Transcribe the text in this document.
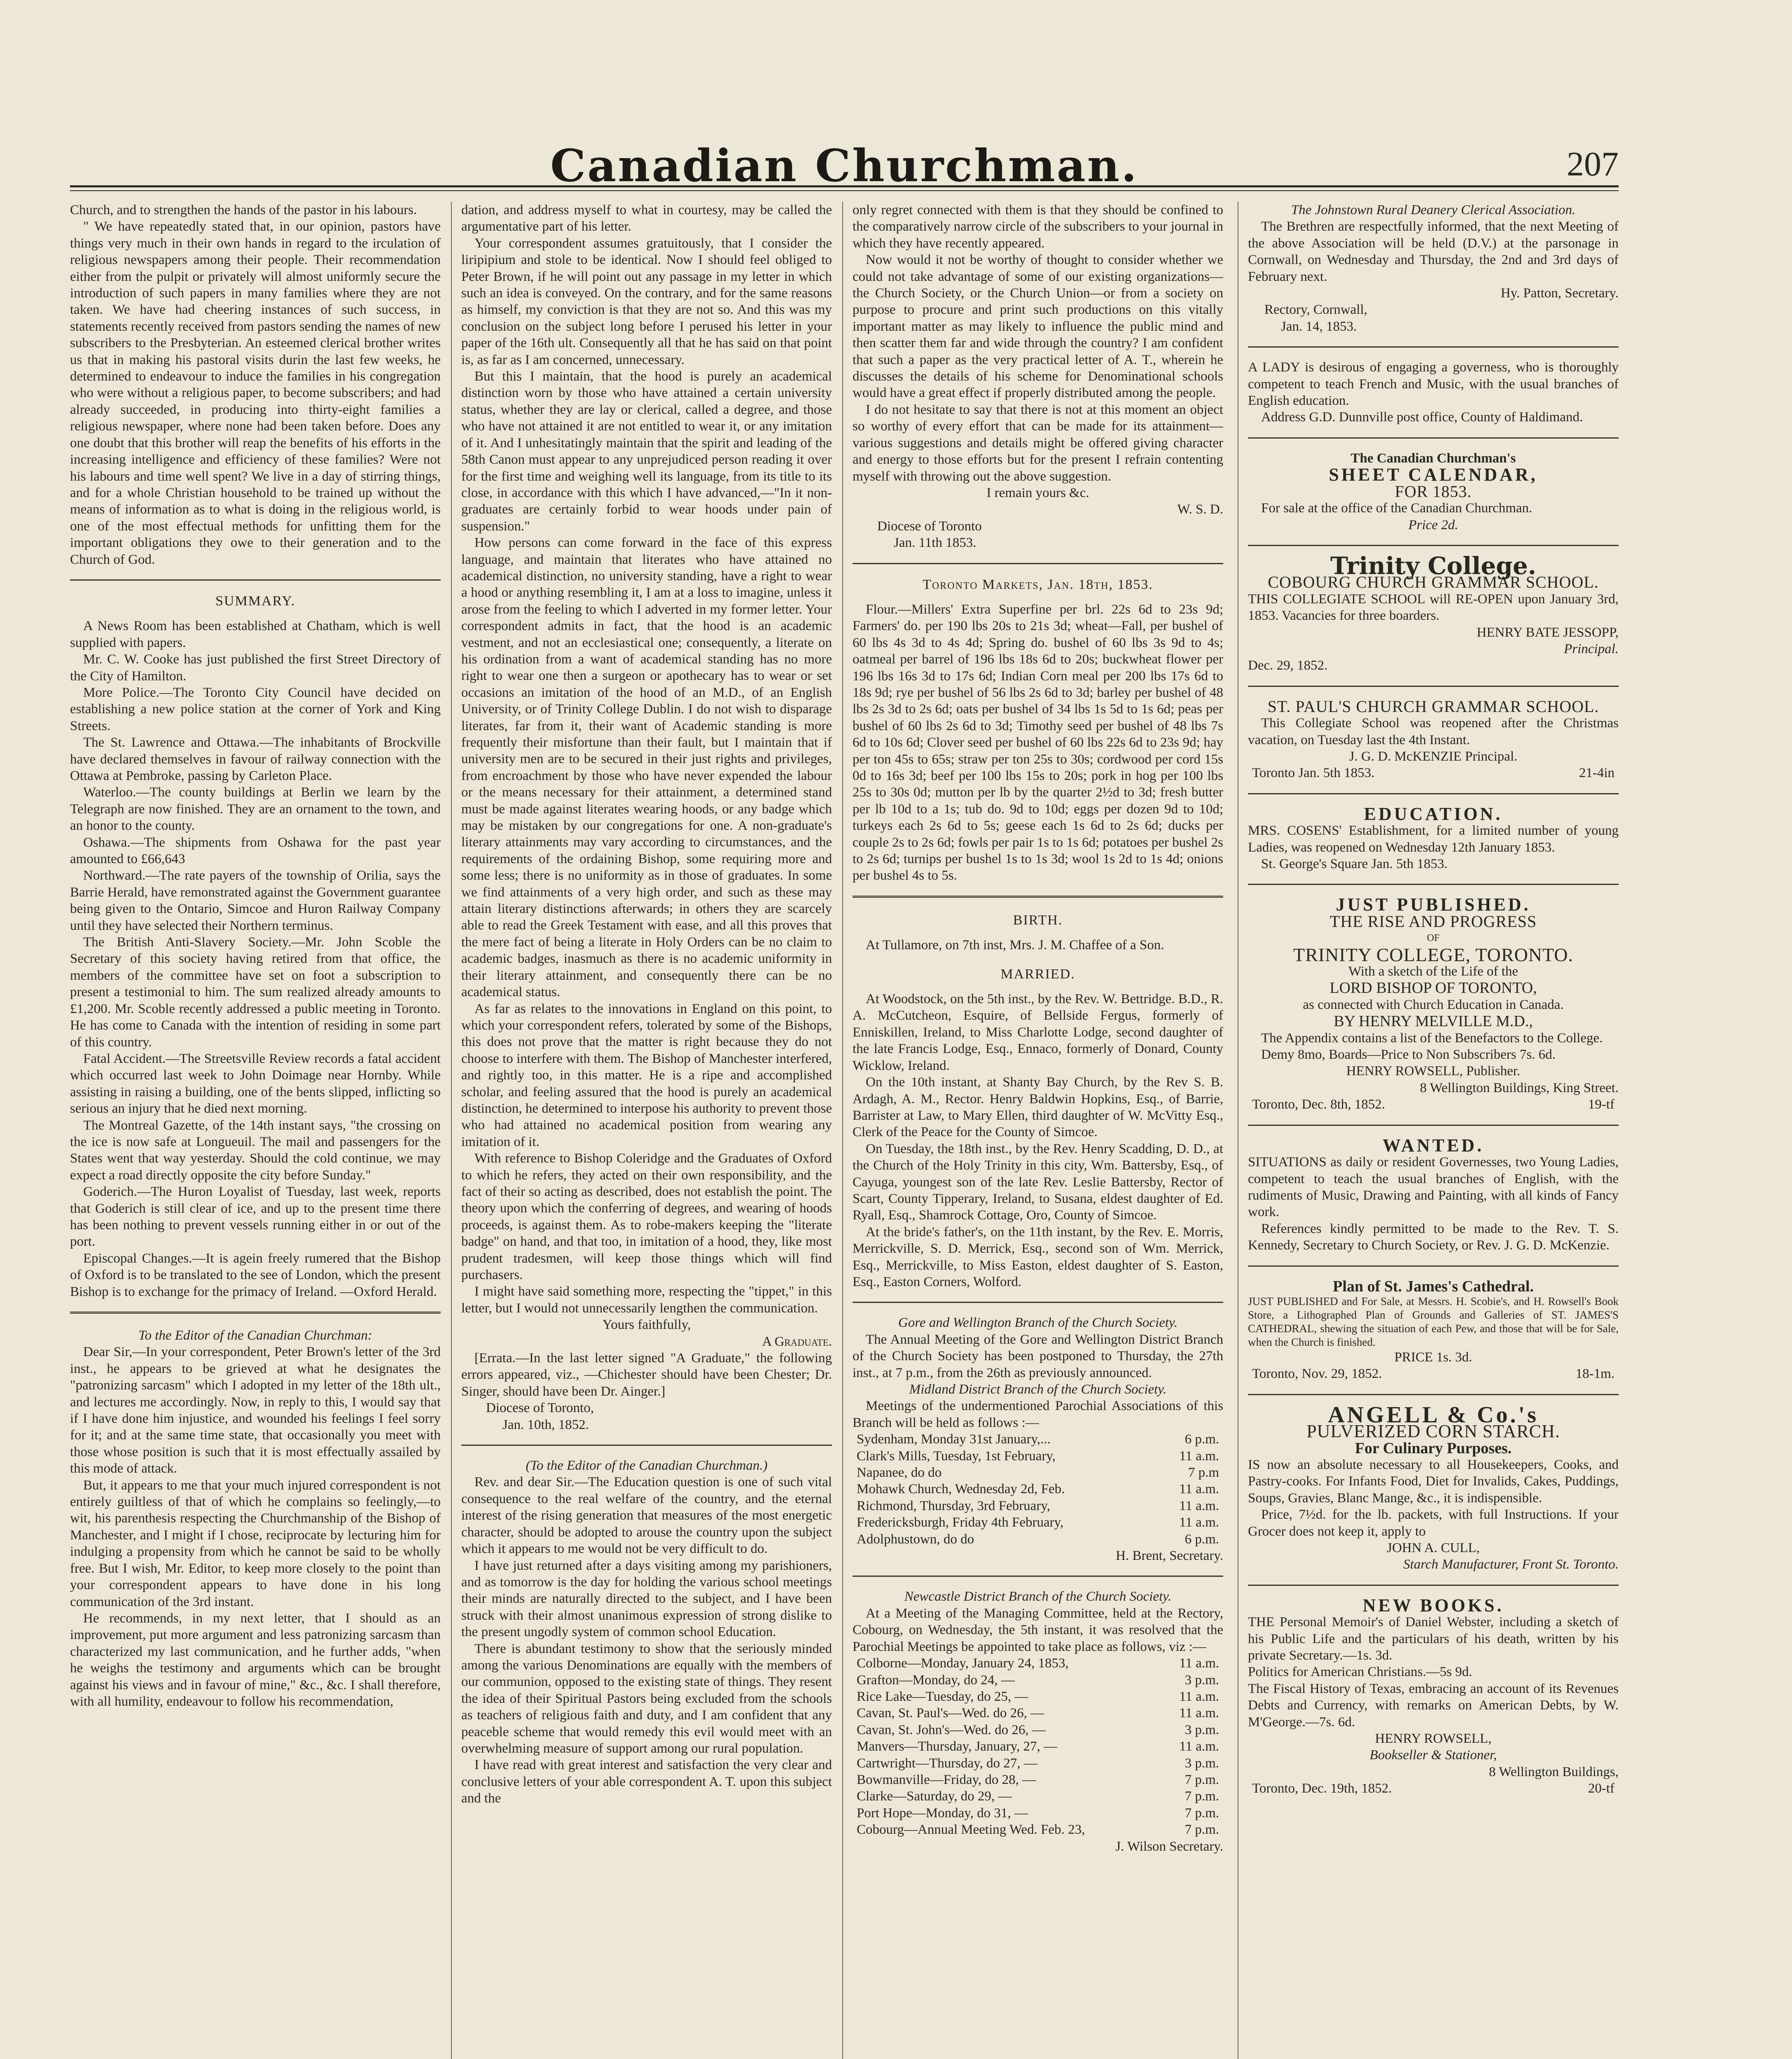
Canadian Churchman.	207

Church, and to strengthen the hands of the pastor in his labours.

" We have repeatedly stated that, in our opinion, pastors have things very much in their own hands in regard to the irculation of religious newspapers among their people. Their recommendation either from the pulpit or privately will almost uniformly secure the introduction of such papers in many families where they are not taken. We have had cheering instances of such success, in statements recently received from pastors sending the names of new subscribers to the Presbyterian. An esteemed clerical brother writes us that in making his pastoral visits durin the last few weeks, he determined to endeavour to induce the families in his congregation who were without a religious paper, to become subscribers; and had already succeeded, in producing into thirty-eight families a religious newspaper, where none had been taken before. Does any one doubt that this brother will reap the benefits of his efforts in the increasing intelligence and efficiency of these families? Were not his labours and time well spent? We live in a day of stirring things, and for a whole Christian household to be trained up without the means of information as to what is doing in the religious world, is one of the most effectual methods for unfitting them for the important obligations they owe to their generation and to the Church of God.

SUMMARY.

A News Room has been established at Chatham, which is well supplied with papers.

Mr. C. W. Cooke has just published the first Street Directory of the City of Hamilton.

More Police.—The Toronto City Council have decided on establishing a new police station at the corner of York and King Streets.

The St. Lawrence and Ottawa.—The inhabitants of Brockville have declared themselves in favour of railway connection with the Ottawa at Pembroke, passing by Carleton Place.

Waterloo.—The county buildings at Berlin we learn by the Telegraph are now finished. They are an ornament to the town, and an honor to the county.

Oshawa.—The shipments from Oshawa for the past year amounted to £66,643

Northward.—The rate payers of the township of Orilia, says the Barrie Herald, have remonstrated against the Government guarantee being given to the Ontario, Simcoe and Huron Railway Company until they have selected their Northern terminus.

The British Anti-Slavery Society.—Mr. John Scoble the Secretary of this society having retired from that office, the members of the committee have set on foot a subscription to present a testimonial to him. The sum realized already amounts to £1,200. Mr. Scoble recently addressed a public meeting in Toronto. He has come to Canada with the intention of residing in some part of this country.

Fatal Accident.—The Streetsville Review records a fatal accident which occurred last week to John Doimage near Hornby. While assisting in raising a building, one of the bents slipped, inflicting so serious an injury that he died next morning.

The Montreal Gazette, of the 14th instant says, "the crossing on the ice is now safe at Longueuil. The mail and passengers for the States went that way yesterday. Should the cold continue, we may expect a road directly opposite the city before Sunday."

Goderich.—The Huron Loyalist of Tuesday, last week, reports that Goderich is still clear of ice, and up to the present time there has been nothing to prevent vessels running either in or out of the port.

Episcopal Changes.—It is agein freely rumered that the Bishop of Oxford is to be translated to the see of London, which the present Bishop is to exchange for the primacy of Ireland. —Oxford Herald.

To the Editor of the Canadian Churchman:

Dear Sir,—In your correspondent, Peter Brown's letter of the 3rd inst., he appears to be grieved at what he designates the "patronizing sarcasm" which I adopted in my letter of the 18th ult., and lectures me accordingly. Now, in reply to this, I would say that if I have done him injustice, and wounded his feelings I feel sorry for it; and at the same time state, that occasionally you meet with those whose position is such that it is most effectually assailed by this mode of attack.

But, it appears to me that your much injured correspondent is not entirely guiltless of that of which he complains so feelingly,—to wit, his parenthesis respecting the Churchmanship of the Bishop of Manchester, and I might if I chose, reciprocate by lecturing him for indulging a propensity from which he cannot be said to be wholly free. But I wish, Mr. Editor, to keep more closely to the point than your correspondent appears to have done in his long communication of the 3rd instant.

He recommends, in my next letter, that I should as an improvement, put more argument and less patronizing sarcasm than characterized my last communication, and he further adds, "when he weighs the testimony and arguments which can be brought against his views and in favour of mine," &c., &c. I shall therefore, with all humility, endeavour to follow his recommendation,

dation, and address myself to what in courtesy, may be called the argumentative part of his letter.

Your correspondent assumes gratuitously, that I consider the liripipium and stole to be identical. Now I should feel obliged to Peter Brown, if he will point out any passage in my letter in which such an idea is conveyed. On the contrary, and for the same reasons as himself, my conviction is that they are not so. And this was my conclusion on the subject long before I perused his letter in your paper of the 16th ult. Consequently all that he has said on that point is, as far as I am concerned, unnecessary.

But this I maintain, that the hood is purely an academical distinction worn by those who have attained a certain university status, whether they are lay or clerical, called a degree, and those who have not attained it are not entitled to wear it, or any imitation of it. And I unhesitatingly maintain that the spirit and leading of the 58th Canon must appear to any unprejudiced person reading it over for the first time and weighing well its language, from its title to its close, in accordance with this which I have advanced,—"In it non-graduates are certainly forbid to wear hoods under pain of suspension."

How persons can come forward in the face of this express language, and maintain that literates who have attained no academical distinction, no university standing, have a right to wear a hood or anything resembling it, I am at a loss to imagine, unless it arose from the feeling to which I adverted in my former letter. Your correspondent admits in fact, that the hood is an academic vestment, and not an ecclesiastical one; consequently, a literate on his ordination from a want of academical standing has no more right to wear one then a surgeon or apothecary has to wear or set occasions an imitation of the hood of an M.D., of an English University, or of Trinity College Dublin. I do not wish to disparage literates, far from it, their want of Academic standing is more frequently their misfortune than their fault, but I maintain that if university men are to be secured in their just rights and privileges, from encroachment by those who have never expended the labour or the means necessary for their attainment, a determined stand must be made against literates wearing hoods, or any badge which may be mistaken by our congregations for one. A non-graduate's literary attainments may vary according to circumstances, and the requirements of the ordaining Bishop, some requiring more and some less; there is no uniformity as in those of graduates. In some we find attainments of a very high order, and such as these may attain literary distinctions afterwards; in others they are scarcely able to read the Greek Testament with ease, and all this proves that the mere fact of being a literate in Holy Orders can be no claim to academic badges, inasmuch as there is no academic uniformity in their literary attainment, and consequently there can be no academical status.

As far as relates to the innovations in England on this point, to which your correspondent refers, tolerated by some of the Bishops, this does not prove that the matter is right because they do not choose to interfere with them. The Bishop of Manchester interfered, and rightly too, in this matter. He is a ripe and accomplished scholar, and feeling assured that the hood is purely an academical distinction, he determined to interpose his authority to prevent those who had attained no academical position from wearing any imitation of it.

With reference to Bishop Coleridge and the Graduates of Oxford to which he refers, they acted on their own responsibility, and the fact of their so acting as described, does not establish the point. The theory upon which the conferring of degrees, and wearing of hoods proceeds, is against them. As to robe-makers keeping the "literate badge" on hand, and that too, in imitation of a hood, they, like most prudent tradesmen, will keep those things which will find purchasers.

I might have said something more, respecting the "tippet," in this letter, but I would not unnecessarily lengthen the communication.

Yours faithfully,

A Graduate.

[Errata.—In the last letter signed "A Graduate," the following errors appeared, viz., —Chichester should have been Chester; Dr. Singer, should have been Dr. Ainger.]

Diocese of Toronto,

Jan. 10th, 1852.

(To the Editor of the Canadian Churchman.)

Rev. and dear Sir.—The Education question is one of such vital consequence to the real welfare of the country, and the eternal interest of the rising generation that measures of the most energetic character, should be adopted to arouse the country upon the subject which it appears to me would not be very difficult to do.

I have just returned after a days visiting among my parishioners, and as tomorrow is the day for holding the various school meetings their minds are naturally directed to the subject, and I have been struck with their almost unanimous expression of strong dislike to the present ungodly system of common school Education.

There is abundant testimony to show that the seriously minded among the various Denominations are equally with the members of our communion, opposed to the existing state of things. They resent the idea of their Spiritual Pastors being excluded from the schools as teachers of religious faith and duty, and I am confident that any peaceble scheme that would remedy this evil would meet with an overwhelming measure of support among our rural population.

I have read with great interest and satisfaction the very clear and conclusive letters of your able correspondent A. T. upon this subject and the

only regret connected with them is that they should be confined to the comparatively narrow circle of the subscribers to your journal in which they have recently appeared.

Now would it not be worthy of thought to consider whether we could not take advantage of some of our existing organizations—the Church Society, or the Church Union—or from a society on purpose to procure and print such productions on this vitally important matter as may likely to influence the public mind and then scatter them far and wide through the country? I am confident that such a paper as the very practical letter of A. T., wherein he discusses the details of his scheme for Denominational schools would have a great effect if properly distributed among the people.

I do not hesitate to say that there is not at this moment an object so worthy of every effort that can be made for its attainment—various suggestions and details might be offered giving character and energy to those efforts but for the present I refrain contenting myself with throwing out the above suggestion.

I remain yours &c.

W. S. D.

Diocese of Toronto

Jan. 11th 1853.

Toronto Markets, Jan. 18th, 1853.

Flour.—Millers' Extra Superfine per brl. 22s 6d to 23s 9d; Farmers' do. per 190 lbs 20s to 21s 3d; wheat—Fall, per bushel of 60 lbs 4s 3d to 4s 4d; Spring do. bushel of 60 lbs 3s 9d to 4s; oatmeal per barrel of 196 lbs 18s 6d to 20s; buckwheat flower per 196 lbs 16s 3d to 17s 6d; Indian Corn meal per 200 lbs 17s 6d to 18s 9d; rye per bushel of 56 lbs 2s 6d to 3d; barley per bushel of 48 lbs 2s 3d to 2s 6d; oats per bushel of 34 lbs 1s 5d to 1s 6d; peas per bushel of 60 lbs 2s 6d to 3d; Timothy seed per bushel of 48 lbs 7s 6d to 10s 6d; Clover seed per bushel of 60 lbs 22s 6d to 23s 9d; hay per ton 45s to 65s; straw per ton 25s to 30s; cordwood per cord 15s 0d to 16s 3d; beef per 100 lbs 15s to 20s; pork in hog per 100 lbs 25s to 30s 0d; mutton per lb by the quarter 2½d to 3d; fresh butter per lb 10d to a 1s; tub do. 9d to 10d; eggs per dozen 9d to 10d; turkeys each 2s 6d to 5s; geese each 1s 6d to 2s 6d; ducks per couple 2s to 2s 6d; fowls per pair 1s to 1s 6d; potatoes per bushel 2s to 2s 6d; turnips per bushel 1s to 1s 3d; wool 1s 2d to 1s 4d; onions per bushel 4s to 5s.

BIRTH.

At Tullamore, on 7th inst, Mrs. J. M. Chaffee of a Son.

MARRIED.

At Woodstock, on the 5th inst., by the Rev. W. Bettridge. B.D., R. A. McCutcheon, Esquire, of Bellside Fergus, formerly of Enniskillen, Ireland, to Miss Charlotte Lodge, second daughter of the late Francis Lodge, Esq., Ennaco, formerly of Donard, County Wicklow, Ireland.

On the 10th instant, at Shanty Bay Church, by the Rev S. B. Ardagh, A. M., Rector. Henry Baldwin Hopkins, Esq., of Barrie, Barrister at Law, to Mary Ellen, third daughter of W. McVitty Esq., Clerk of the Peace for the County of Simcoe.

On Tuesday, the 18th inst., by the Rev. Henry Scadding, D. D., at the Church of the Holy Trinity in this city, Wm. Battersby, Esq., of Cayuga, youngest son of the late Rev. Leslie Battersby, Rector of Scart, County Tipperary, Ireland, to Susana, eldest daughter of Ed. Ryall, Esq., Shamrock Cottage, Oro, County of Simcoe.

At the bride's father's, on the 11th instant, by the Rev. E. Morris, Merrickville, S. D. Merrick, Esq., second son of Wm. Merrick, Esq., Merrickville, to Miss Easton, eldest daughter of S. Easton, Esq., Easton Corners, Wolford.

Gore and Wellington Branch of the Church Society.

The Annual Meeting of the Gore and Wellington District Branch of the Church Society has been postponed to Thursday, the 27th inst., at 7 p.m., from the 26th as previously announced.

Midland District Branch of the Church Society.

Meetings of the undermentioned Parochial Associations of this Branch will be held as follows :—

Sydenham, Monday 31st January,...	6 p.m.
Clark's Mills, Tuesday, 1st February,	11 a.m.
Napanee, do do	7 p.m
Mohawk Church, Wednesday 2d, Feb.	11 a.m.
Richmond, Thursday, 3rd February,	11 a.m.
Fredericksburgh, Friday 4th February,	11 a.m.
Adolphustown, do do	6 p.m.

H. Brent, Secretary.

Newcastle District Branch of the Church Society.

At a Meeting of the Managing Committee, held at the Rectory, Cobourg, on Wednesday, the 5th instant, it was resolved that the Parochial Meetings be appointed to take place as follows, viz :—

Colborne—Monday, January 24, 1853,	11 a.m.
Grafton—Monday, do 24, —	3 p.m.
Rice Lake—Tuesday, do 25, —	11 a.m.
Cavan, St. Paul's—Wed. do 26, —	11 a.m.
Cavan, St. John's—Wed. do 26, —	3 p.m.
Manvers—Thursday, January, 27, —	11 a.m.
Cartwright—Thursday, do 27, —	3 p.m.
Bowmanville—Friday, do 28, —	7 p.m.
Clarke—Saturday, do 29, —	7 p.m.
Port Hope—Monday, do 31, —	7 p.m.
Cobourg—Annual Meeting Wed. Feb. 23,	7 p.m.

J. Wilson Secretary.

The Johnstown Rural Deanery Clerical Association.

The Brethren are respectfully informed, that the next Meeting of the above Association will be held (D.V.) at the parsonage in Cornwall, on Wednesday and Thursday, the 2nd and 3rd days of February next.

Hy. Patton, Secretary.

Rectory, Cornwall,

Jan. 14, 1853.

A LADY is desirous of engaging a governess, who is thoroughly competent to teach French and Music, with the usual branches of English education.

Address G.D. Dunnville post office, County of Haldimand.

The Canadian Churchman's

SHEET CALENDAR,
FOR 1853.

For sale at the office of the Canadian Churchman.

Price 2d.

Trinity College.
COBOURG CHURCH GRAMMAR SCHOOL.

THIS COLLEGIATE SCHOOL will RE-OPEN upon January 3rd, 1853. Vacancies for three boarders.

HENRY BATE JESSOPP,

Principal.

Dec. 29, 1852.

ST. PAUL'S CHURCH GRAMMAR SCHOOL.

This Collegiate School was reopened after the Christmas vacation, on Tuesday last the 4th Instant.

J. G. D. McKENZIE Principal.

Toronto Jan. 5th 1853.	21-4in
EDUCATION.

MRS. COSENS' Establishment, for a limited number of young Ladies, was reopened on Wednesday 12th January 1853.

St. George's Square Jan. 5th 1853.

JUST PUBLISHED.
THE RISE AND PROGRESS

OF

TRINITY COLLEGE, TORONTO.

With a sketch of the Life of the

LORD BISHOP OF TORONTO,

as connected with Church Education in Canada.

BY HENRY MELVILLE M.D.,

The Appendix contains a list of the Benefactors to the College.

Demy 8mo, Boards—Price to Non Subscribers 7s. 6d.

HENRY ROWSELL, Publisher.

8 Wellington Buildings, King Street.

Toronto, Dec. 8th, 1852.	19-tf
WANTED.

SITUATIONS as daily or resident Governesses, two Young Ladies, competent to teach the usual branches of English, with the rudiments of Music, Drawing and Painting, with all kinds of Fancy work.

References kindly permitted to be made to the Rev. T. S. Kennedy, Secretary to Church Society, or Rev. J. G. D. McKenzie.

Plan of St. James's Cathedral.

JUST PUBLISHED and For Sale, at Messrs. H. Scobie's, and H. Rowsell's Book Store, a Lithographed Plan of Grounds and Galleries of ST. JAMES'S CATHEDRAL, shewing the situation of each Pew, and those that will be for Sale, when the Church is finished.

PRICE 1s. 3d.

Toronto, Nov. 29, 1852.	18-1m.
ANGELL & Co.'s
PULVERIZED CORN STARCH.
For Culinary Purposes.

IS now an absolute necessary to all Housekeepers, Cooks, and Pastry-cooks. For Infants Food, Diet for Invalids, Cakes, Puddings, Soups, Gravies, Blanc Mange, &c., it is indispensible.

Price, 7½d. for the lb. packets, with full Instructions. If your Grocer does not keep it, apply to

JOHN A. CULL,

Starch Manufacturer, Front St. Toronto.

NEW BOOKS.

THE Personal Memoir's of Daniel Webster, including a sketch of his Public Life and the particulars of his death, written by his private Secretary.—1s. 3d.

Politics for American Christians.—5s 9d.

The Fiscal History of Texas, embracing an account of its Revenues Debts and Currency, with remarks on American Debts, by W. M'George.—7s. 6d.

HENRY ROWSELL,

Bookseller & Stationer,

8 Wellington Buildings,

Toronto, Dec. 19th, 1852.	20-tf
